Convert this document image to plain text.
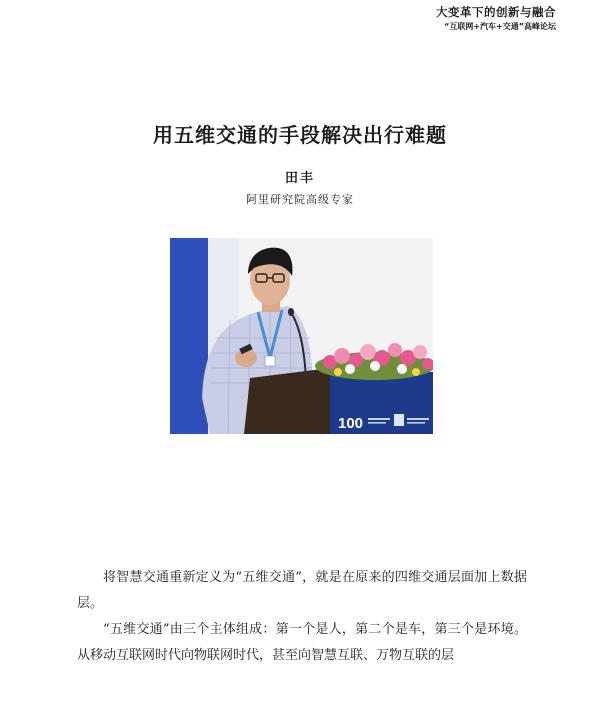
大变革下的创新与融合
“互联网+汽车+交通”高峰论坛
用五维交通的手段解决出行难题
田丰
阿里研究院高级专家
100
将智慧交通重新定义为“五维交通”，就是在原来的四维交通层面加上数据层。
“五维交通”由三个主体组成：第一个是人，第二个是车，第三个是环境。从移动互联网时代向物联网时代，甚至向智慧互联、万物互联的层
